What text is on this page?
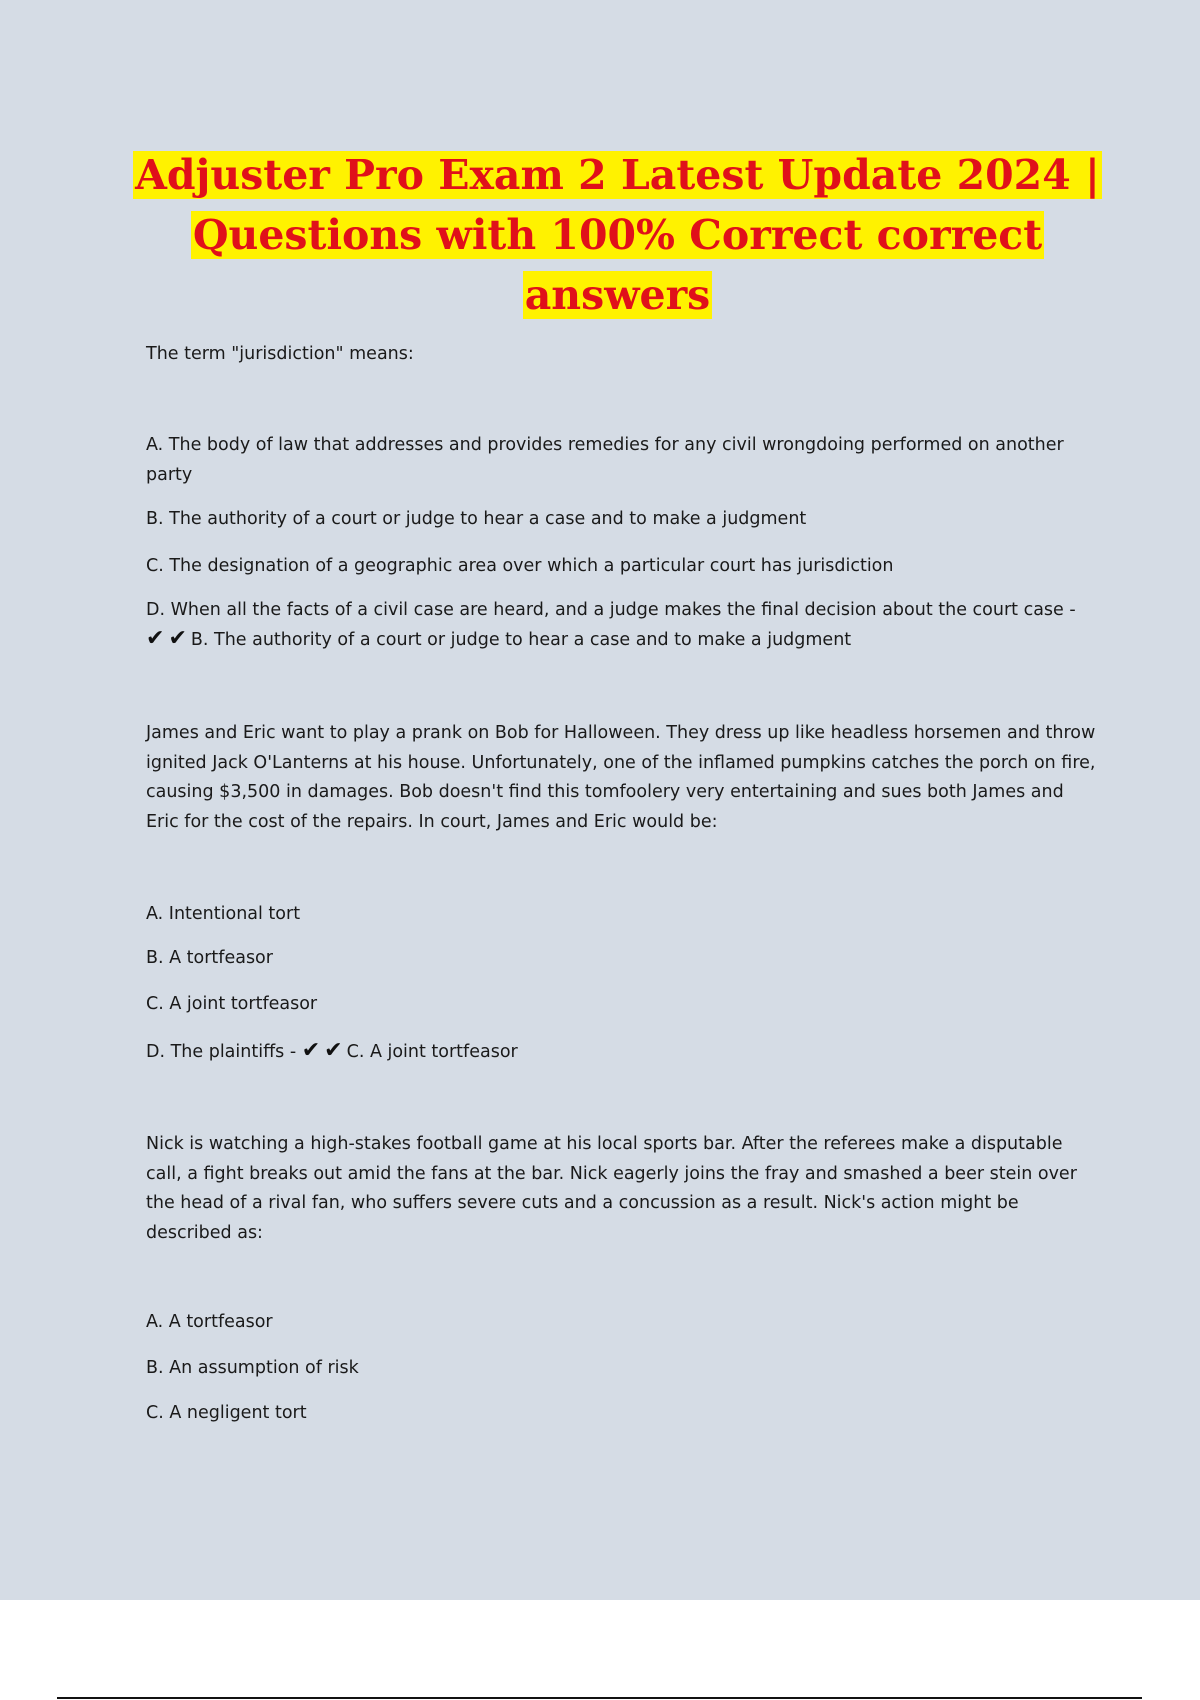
Adjuster Pro Exam 2 Latest Update 2024 |
Questions with 100% Correct correct
answers
The term "jurisdiction" means:
A. The body of law that addresses and provides remedies for any civil wrongdoing performed on another party
B. The authority of a court or judge to hear a case and to make a judgment
C. The designation of a geographic area over which a particular court has jurisdiction
D. When all the facts of a civil case are heard, and a judge makes the final decision about the court case -
✔✔ B. The authority of a court or judge to hear a case and to make a judgment
James and Eric want to play a prank on Bob for Halloween. They dress up like headless horsemen and throw ignited Jack O'Lanterns at his house. Unfortunately, one of the inflamed pumpkins catches the porch on fire, causing $3,500 in damages. Bob doesn't find this tomfoolery very entertaining and sues both James and Eric for the cost of the repairs. In court, James and Eric would be:
A. Intentional tort
B. A tortfeasor
C. A joint tortfeasor
D. The plaintiffs - ✔✔ C. A joint tortfeasor
Nick is watching a high-stakes football game at his local sports bar. After the referees make a disputable call, a fight breaks out amid the fans at the bar. Nick eagerly joins the fray and smashed a beer stein over the head of a rival fan, who suffers severe cuts and a concussion as a result. Nick's action might be described as:
A. A tortfeasor
B. An assumption of risk
C. A negligent tort
